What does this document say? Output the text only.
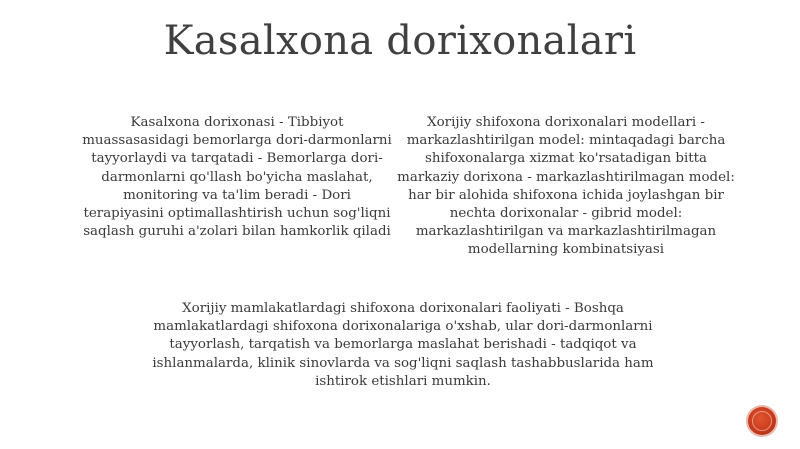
Kasalxona dorixonalari
Kasalxona dorixonasi - Tibbiyot muassasasidagi bemorlarga dori-darmonlarni tayyorlaydi va tarqatadi - Bemorlarga dori-darmonlarni qo'llash bo'yicha maslahat, monitoring va ta'lim beradi - Dori terapiyasini optimallashtirish uchun sog'liqni saqlash guruhi a'zolari bilan hamkorlik qiladi
Xorijiy shifoxona dorixonalari modellari - markazlashtirilgan model: mintaqadagi barcha shifoxonalarga xizmat ko'rsatadigan bitta markaziy dorixona - markazlashtirilmagan model: har bir alohida shifoxona ichida joylashgan bir nechta dorixonalar - gibrid model: markazlashtirilgan va markazlashtirilmagan modellarning kombinatsiyasi
Xorijiy mamlakatlardagi shifoxona dorixonalari faoliyati - Boshqa mamlakatlardagi shifoxona dorixonalariga o'xshab, ular dori-darmonlarni tayyorlash, tarqatish va bemorlarga maslahat berishadi - tadqiqot va ishlanmalarda, klinik sinovlarda va sog'liqni saqlash tashabbuslarida ham ishtirok etishlari mumkin.
